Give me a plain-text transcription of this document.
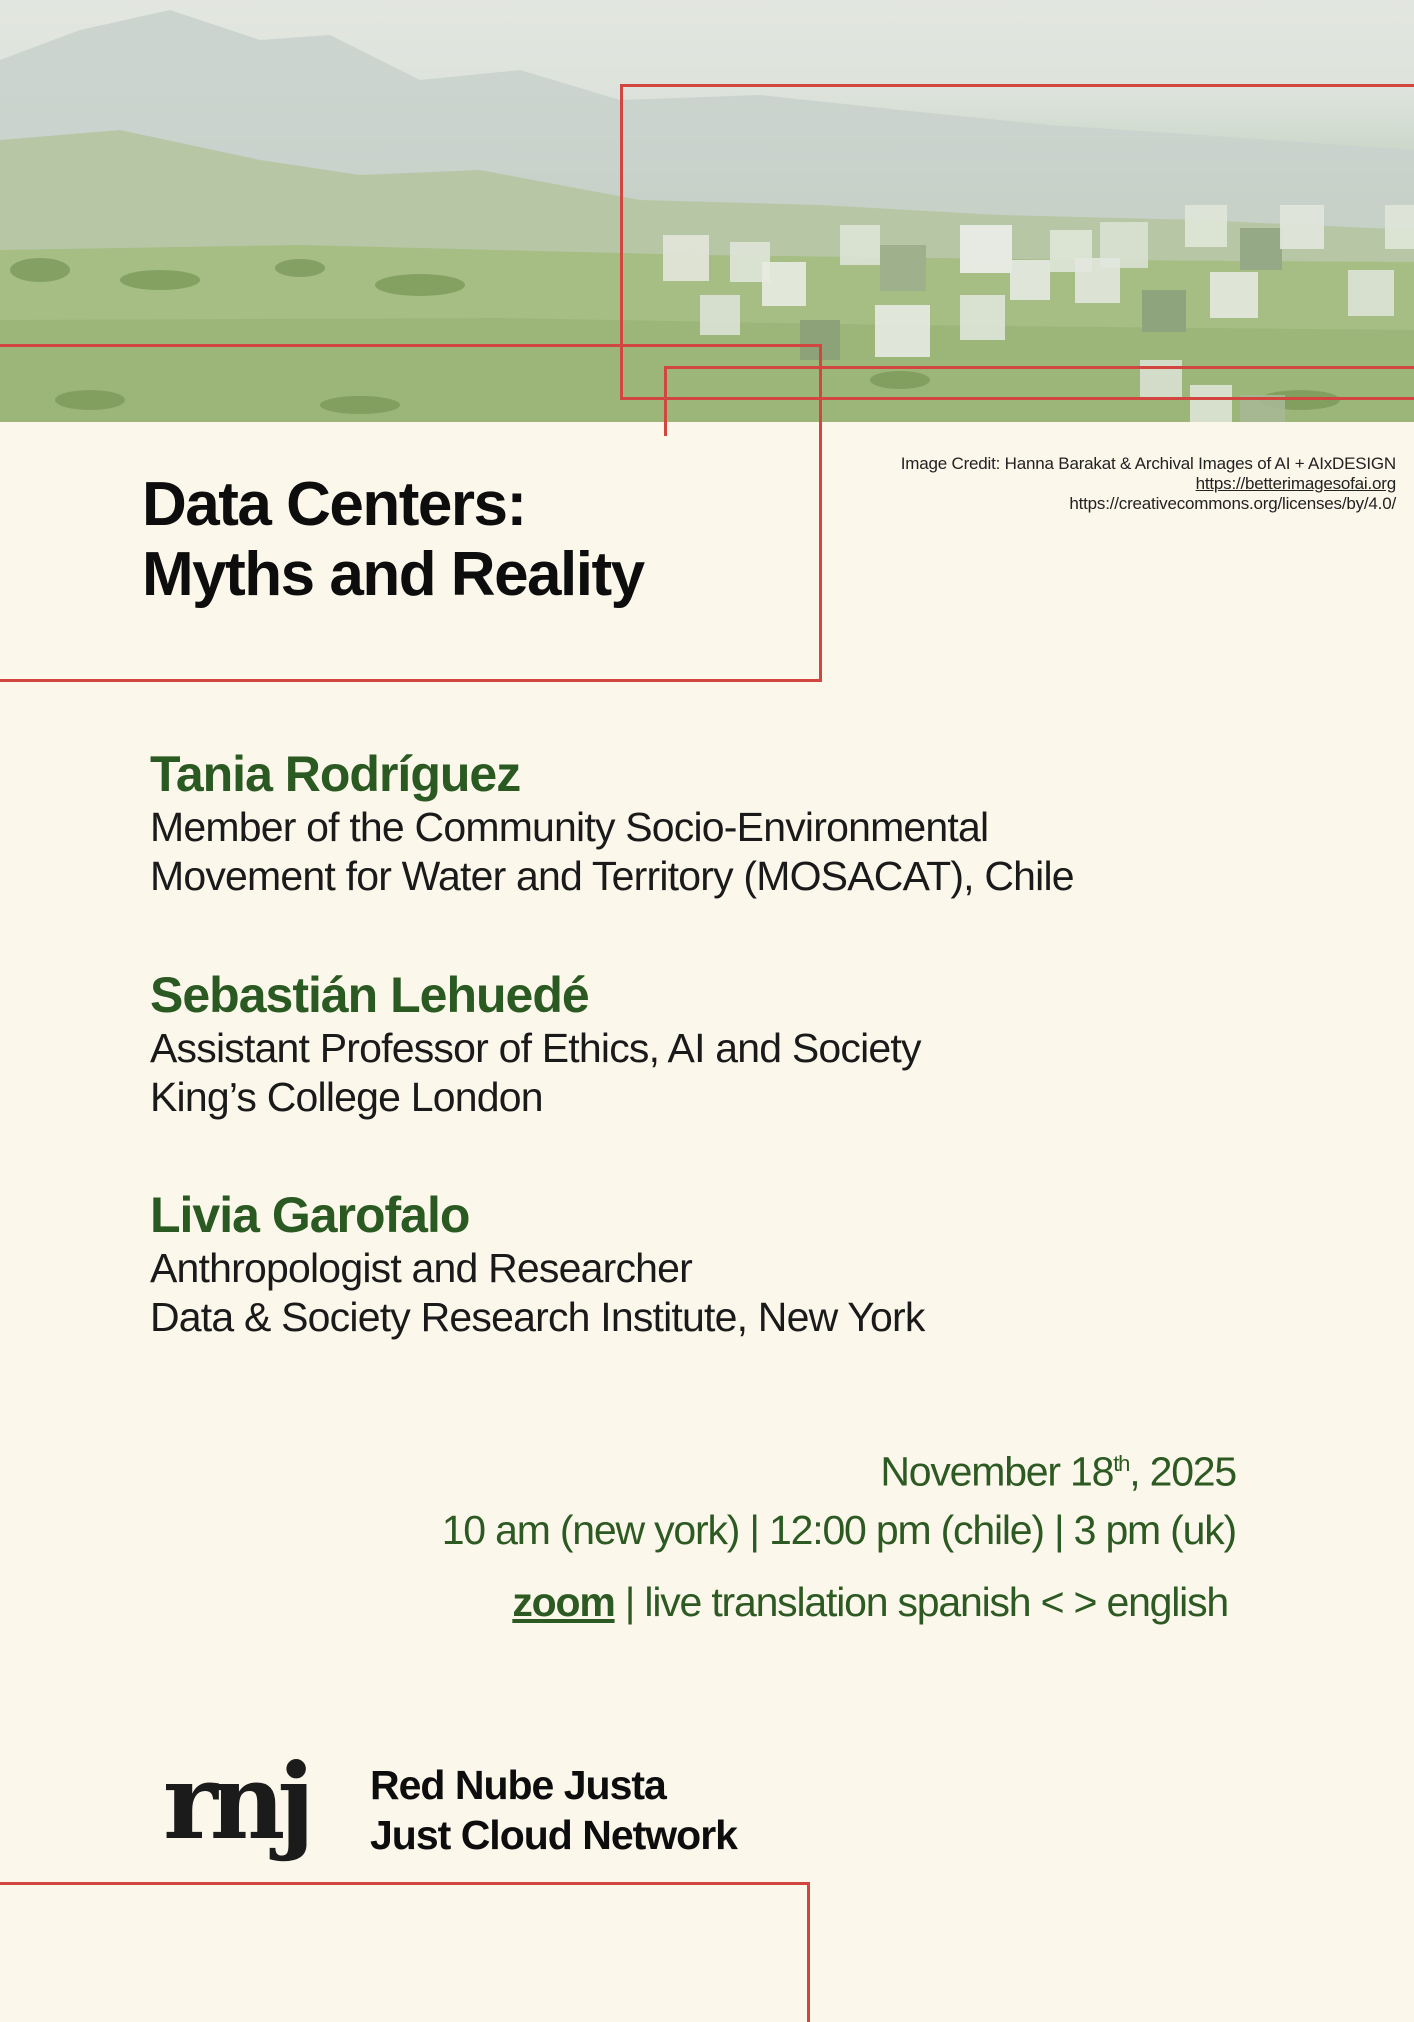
Image Credit: Hanna Barakat & Archival Images of AI + AIxDESIGN
https://betterimagesofai.org
https://creativecommons.org/licenses/by/4.0/
Data Centers:
Myths and Reality
Tania Rodríguez
Member of the Community Socio-Environmental
Movement for Water and Territory (MOSACAT), Chile
Sebastián Lehuedé
Assistant Professor of Ethics, AI and Society
King’s College London
Livia Garofalo
Anthropologist and Researcher
Data & Society Research Institute, New York
November 18th, 2025
10 am (new york) | 12:00 pm (chile) | 3 pm (uk)
zoom | live translation spanish < > english
rnj Red Nube Justa
Just Cloud Network
